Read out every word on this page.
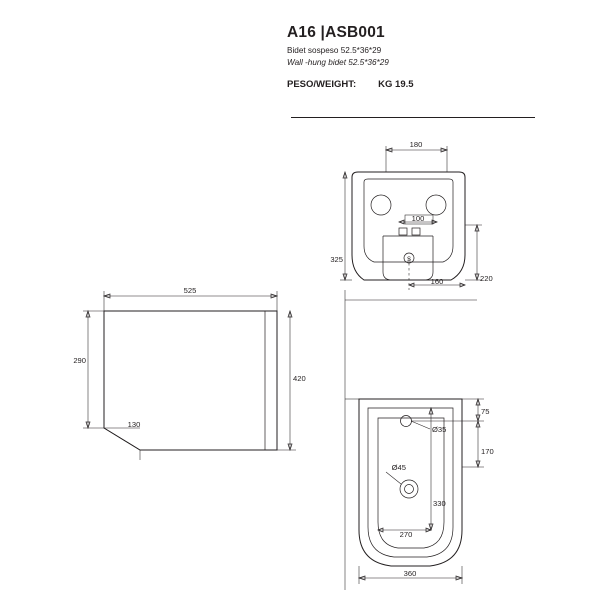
A16 |ASB001
Bidet sospeso 52.5*36*29
Wall -hung bidet 52.5*36*29
PESO/WEIGHT: KG 19.5
S
180
100
325
160	220
525
290
420
130
Ø35
Ø45
75
170
330
270
360
